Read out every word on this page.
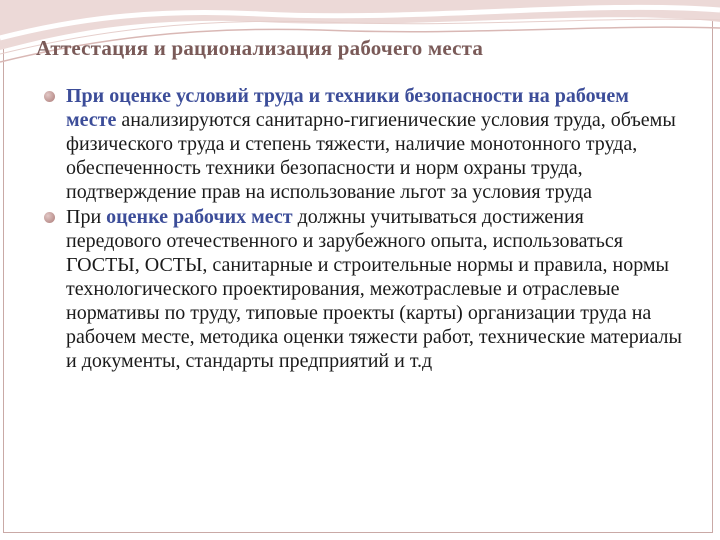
Аттестация и рационализация рабочего места
При оценке условий труда и техники безопасности на рабочем месте анализируются санитарно-гигиенические условия труда, объемы физического труда и степень тяжести, наличие монотонного труда, обеспеченность техники безопасности и норм охраны труда, подтверждение прав на использование льгот за условия труда
При оценке рабочих мест должны учитываться достижения передового отечественного и зарубежного опыта, использоваться ГОСТЫ, ОСТЫ, санитарные и строительные нормы и правила, нормы технологического проектирования, межотраслевые и отраслевые нормативы по труду, типовые проекты (карты) организации труда на рабочем месте, методика оценки тяжести работ, технические материалы и документы, стандарты предприятий и т.д
